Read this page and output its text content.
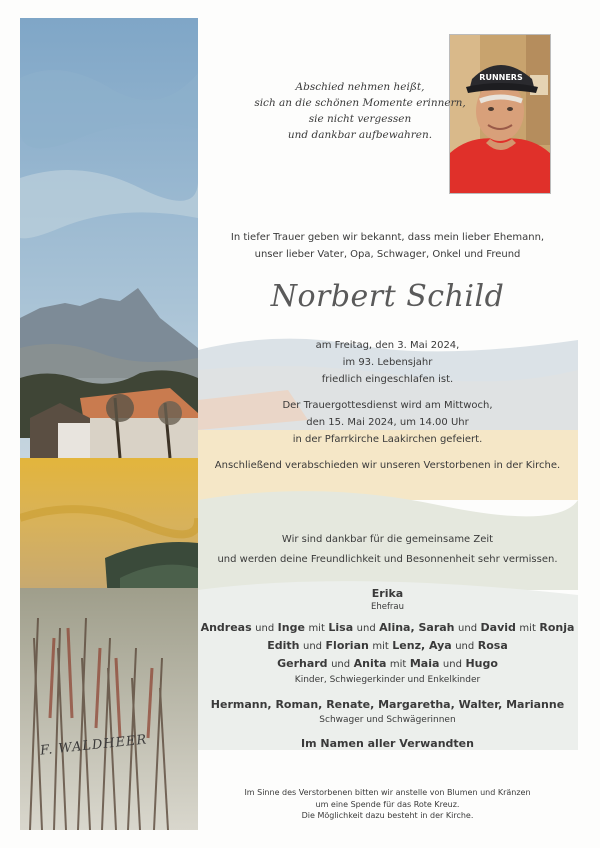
F. WALDHEER
RUNNERS
Abschied nehmen heißt,
sich an die schönen Momente erinnern,
sie nicht vergessen
und dankbar aufbewahren.
In tiefer Trauer geben wir bekannt, dass mein lieber Ehemann,
unser lieber Vater, Opa, Schwager, Onkel und Freund
Norbert Schild
am Freitag, den 3. Mai 2024,
im 93. Lebensjahr
friedlich eingeschlafen ist.
Der Trauergottesdienst wird am Mittwoch,
den 15. Mai 2024, um 14.00 Uhr
in der Pfarrkirche Laakirchen gefeiert.
Anschließend verabschieden wir unseren Verstorbenen in der Kirche.
Wir sind dankbar für die gemeinsame Zeit
und werden deine Freundlichkeit und Besonnenheit sehr vermissen.
Erika
Ehefrau
Andreas und Inge mit Lisa und Alina, Sarah und David mit Ronja
Edith und Florian mit Lenz, Aya und Rosa
Gerhard und Anita mit Maia und Hugo
Kinder, Schwiegerkinder und Enkelkinder
Hermann, Roman, Renate, Margaretha, Walter, Marianne
Schwager und Schwägerinnen
Im Namen aller Verwandten
Im Sinne des Verstorbenen bitten wir anstelle von Blumen und Kränzen
um eine Spende für das Rote Kreuz.
Die Möglichkeit dazu besteht in der Kirche.
